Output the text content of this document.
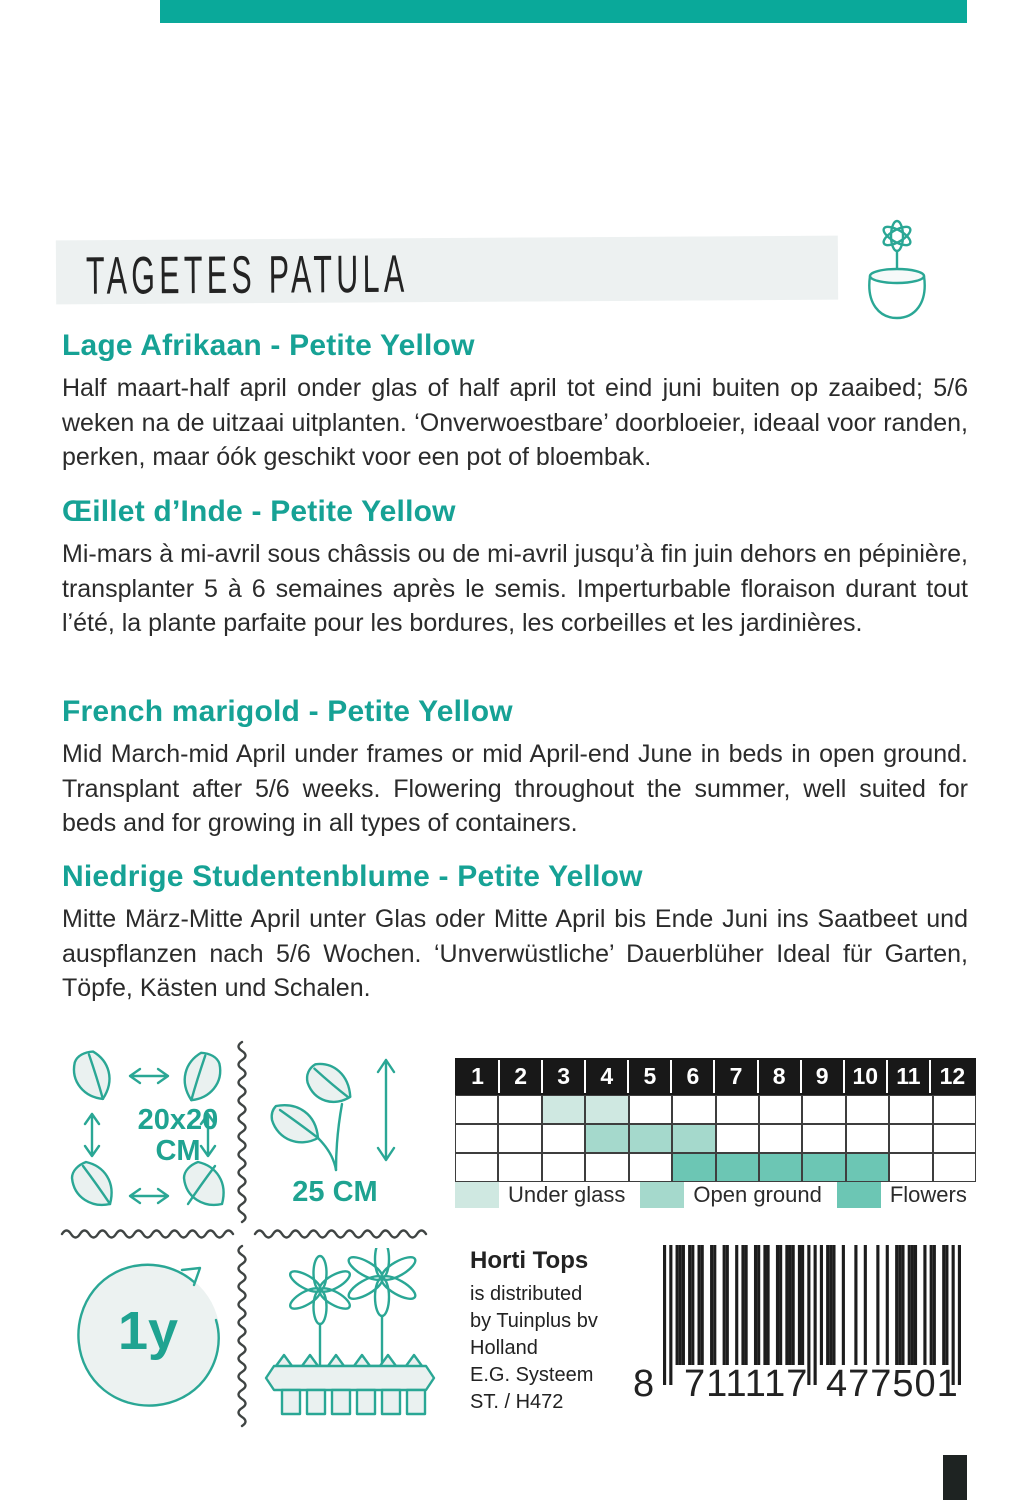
TAGETES PATULA
Lage Afrikaan - Petite Yellow

Half maart-half april onder glas of half april tot eind juni buiten op zaaibed; 5/6 weken na de uitzaai uitplanten. ‘Onverwoestbare’ doorbloeier, ideaal voor randen, perken, maar óók geschikt voor een pot of bloembak.

Œillet d’Inde - Petite Yellow

Mi-mars à mi-avril sous châssis ou de mi-avril jusqu’à fin juin dehors en pépinière, transplanter 5 à 6 semaines après le semis. Imperturbable floraison durant tout l’été, la plante parfaite pour les bordures, les corbeilles et les jardinières.

French marigold - Petite Yellow

Mid March-mid April under frames or mid April-end June in beds in open ground. Transplant after 5/6 weeks. Flowering throughout the summer, well suited for beds and for growing in all types of containers.

Niedrige Studentenblume - Petite Yellow

Mitte März-Mitte April unter Glas oder Mitte April bis Ende Juni ins Saatbeet und auspflanzen nach 5/6 Wochen. ‘Unverwüstliche’ Dauerblüher Ideal für Garten, Töpfe, Kästen und Schalen.

20x20
CM
25 CM
1	2	3	4	5	6	7	8	9	10 11 12
Under glass	Open ground	Flowers
1y
Horti Tops
is distributed
by Tuinplus bv
Holland
E.G. Systeem
ST. / H472	8 711117 477501
